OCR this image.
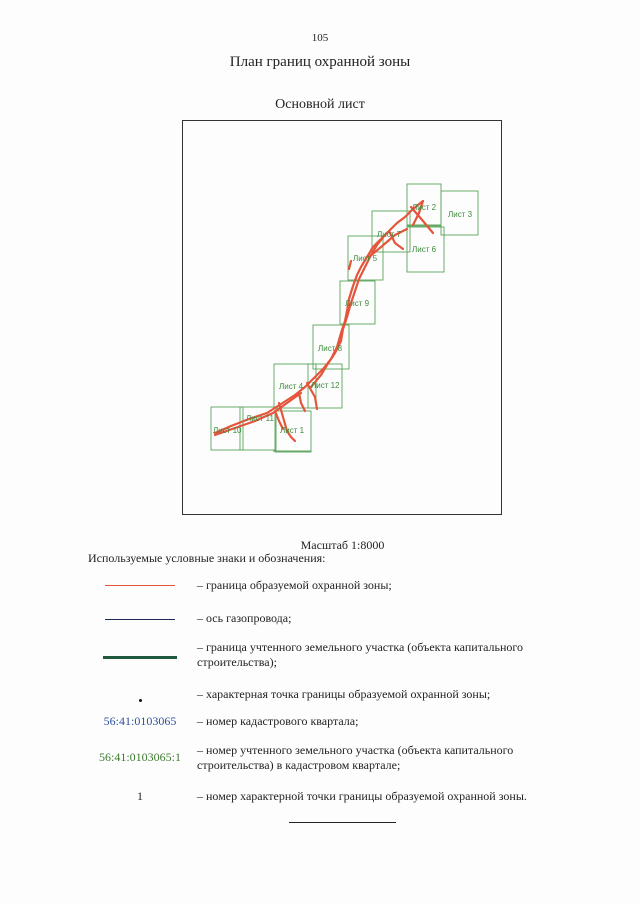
105
План границ охранной зоны
Основной лист
Лист 1
Лист 2
Лист 3
Лист 4
Лист 5
Лист 6
Лист 7
Лист 8
Лист 9
Лист 10
Лист 11
Лист 12
Масштаб 1:8000
Используемые условные знаки и обозначения:
– граница образуемой охранной зоны;
– ось газопровода;
– граница учтенного земельного участка (объекта капитального строительства);
– характерная точка границы образуемой охранной зоны;
56:41:0103065 – номер кадастрового квартала;
56:41:0103065:1 – номер учтенного земельного участка (объекта капитального строительства) в кадастровом квартале;
1	– номер характерной точки границы образуемой охранной зоны.
